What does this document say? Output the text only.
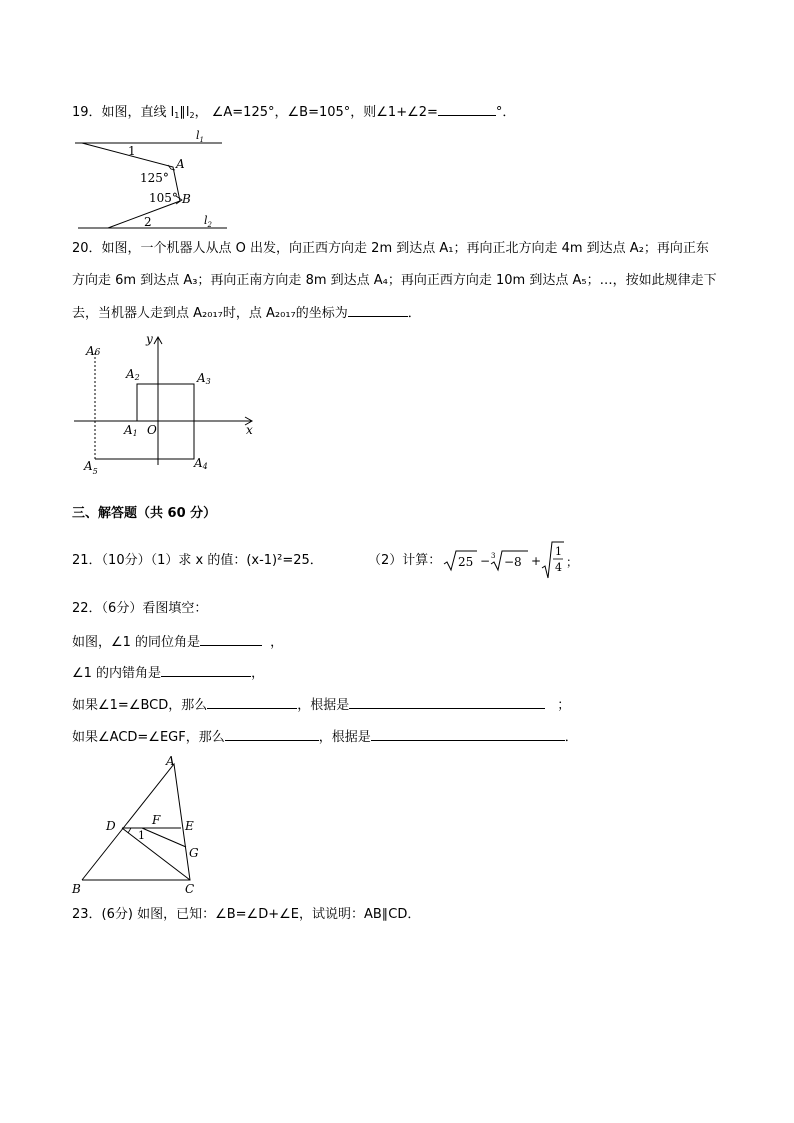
19．如图，直线 $l_1\parallel l_2$， ∠A=125°，∠B=105°，则∠1+∠2=	°．
$l_1$
$l_2$
A
B
125°
105°
1
2
20．如图，一个机器人从点 O 出发，向正西方向走 2m 到达点 A₁；再向正北方向走 4m 到达点 A₂；再向正东
方向走 6m 到达点 A₃；再向正南方向走 8m 到达点 A₄；再向正西方向走 10m 到达点 A₅；…，按如此规律走下
去，当机器人走到点 A₂₀₁₇时，点 A₂₀₁₇的坐标为	．
y
x
O
A1
A2	A3
A4
$A_5$
A6
三、解答题（共 60 分）
21．（10分）（1）求 x 的值：(x-1)²=25．	（2）计算： 25 − 3 −8 +
1
4 ；
22．（6分）看图填空：
如图，∠1 的同位角是	，
∠1 的内错角是	，
如果∠1=∠BCD，那么	，根据是	；
如果∠ACD=∠EGF，那么	，根据是	．
A
B	C
D	E
F
G
1
23．(6分) 如图，已知：∠B=∠D+∠E，试说明：AB∥CD．
